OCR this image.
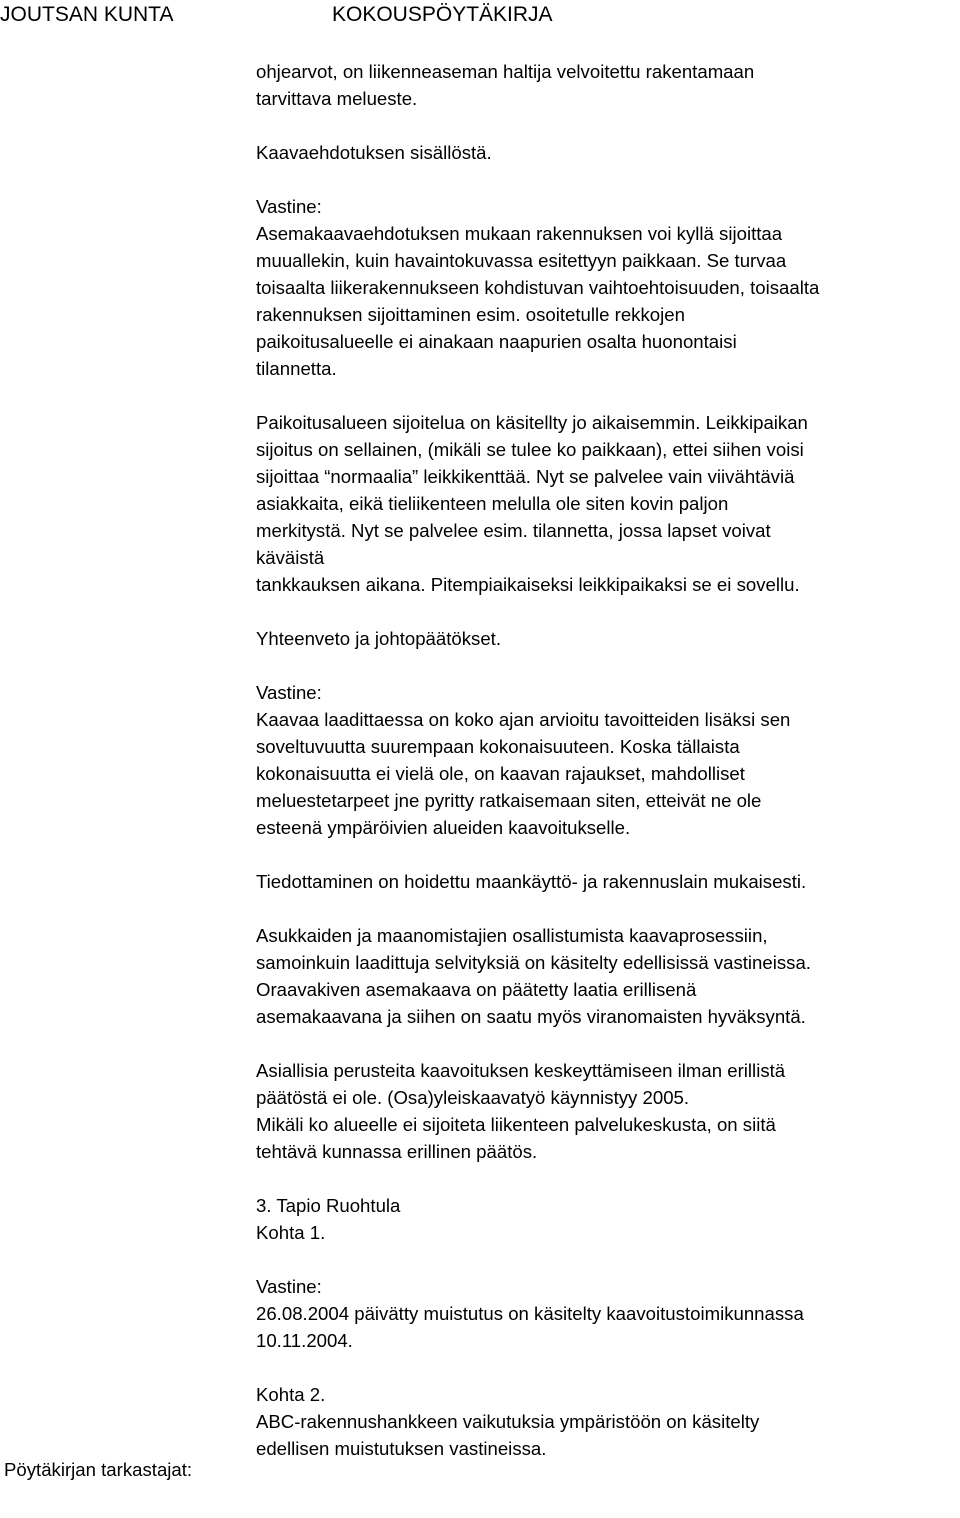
JOUTSAN KUNTA	KOKOUSPÖYTÄKIRJA

ohjearvot, on liikenneaseman haltija velvoitettu rakentamaan
tarvittava melueste.

Kaavaehdotuksen sisällöstä.

Vastine:
Asemakaavaehdotuksen mukaan rakennuksen voi kyllä sijoittaa
muuallekin, kuin havaintokuvassa esitettyyn paikkaan. Se turvaa
toisaalta liikerakennukseen kohdistuvan vaihtoehtoisuuden, toisaalta
rakennuksen sijoittaminen esim. osoitetulle rekkojen
paikoitusalueelle ei ainakaan naapurien osalta huonontaisi
tilannetta.

Paikoitusalueen sijoitelua on käsitellty jo aikaisemmin. Leikkipaikan
sijoitus on sellainen, (mikäli se tulee ko paikkaan), ettei siihen voisi
sijoittaa “normaalia” leikkikenttää. Nyt se palvelee vain viivähtäviä
asiakkaita, eikä tieliikenteen melulla ole siten kovin paljon
merkitystä. Nyt se palvelee esim. tilannetta, jossa lapset voivat
käväistä
tankkauksen aikana. Pitempiaikaiseksi leikkipaikaksi se ei sovellu.

Yhteenveto ja johtopäätökset.

Vastine:
Kaavaa laadittaessa on koko ajan arvioitu tavoitteiden lisäksi sen
soveltuvuutta suurempaan kokonaisuuteen. Koska tällaista
kokonaisuutta ei vielä ole, on kaavan rajaukset, mahdolliset
meluestetarpeet jne pyritty ratkaisemaan siten, etteivät ne ole
esteenä ympäröivien alueiden kaavoitukselle.

Tiedottaminen on hoidettu maankäyttö- ja rakennuslain mukaisesti.

Asukkaiden ja maanomistajien osallistumista kaavaprosessiin,
samoinkuin laadittuja selvityksiä on käsitelty edellisissä vastineissa.
Oraavakiven asemakaava on päätetty laatia erillisenä
asemakaavana ja siihen on saatu myös viranomaisten hyväksyntä.

Asiallisia perusteita kaavoituksen keskeyttämiseen ilman erillistä
päätöstä ei ole. (Osa)yleiskaavatyö käynnistyy 2005.
Mikäli ko alueelle ei sijoiteta liikenteen palvelukeskusta, on siitä
tehtävä kunnassa erillinen päätös.

3. Tapio Ruohtula
Kohta 1.

Vastine:
26.08.2004 päivätty muistutus on käsitelty kaavoitustoimikunnassa
10.11.2004.

Kohta 2.
ABC-rakennushankkeen vaikutuksia ympäristöön on käsitelty
edellisen muistutuksen vastineissa.

Pöytäkirjan tarkastajat:
